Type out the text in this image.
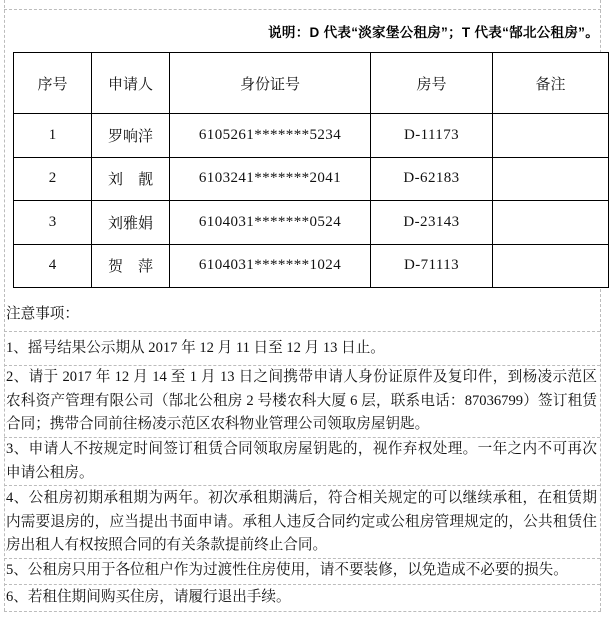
说明：D 代表“淡家堡公租房”；T 代表“郜北公租房”。
序号	申请人	身份证号	房号	备注
1	罗响洋	6105261*******5234	D-11173	
2	刘　靓	6103241*******2041	D-62183	
3	刘雅娟	6104031*******0524	D-23143	
4	贺　萍	6104031*******1024	D-71113	
注意事项：
1、摇号结果公示期从 2017 年 12 月 11 日至 12 月 13 日止。
2、请于 2017 年 12 月 14 至 1 月 13 日之间携带申请人身份证原件及复印件，到杨凌示范区农科资产管理有限公司（郜北公租房 2 号楼农科大厦 6 层，联系电话：87036799）签订租赁合同；携带合同前往杨凌示范区农科物业管理公司领取房屋钥匙。
3、申请人不按规定时间签订租赁合同领取房屋钥匙的，视作弃权处理。一年之内不可再次申请公租房。
4、公租房初期承租期为两年。初次承租期满后，符合相关规定的可以继续承租，在租赁期内需要退房的，应当提出书面申请。承租人违反合同约定或公租房管理规定的，公共租赁住房出租人有权按照合同的有关条款提前终止合同。
5、公租房只用于各位租户作为过渡性住房使用，请不要装修，以免造成不必要的损失。
6、若租住期间购买住房，请履行退出手续。
